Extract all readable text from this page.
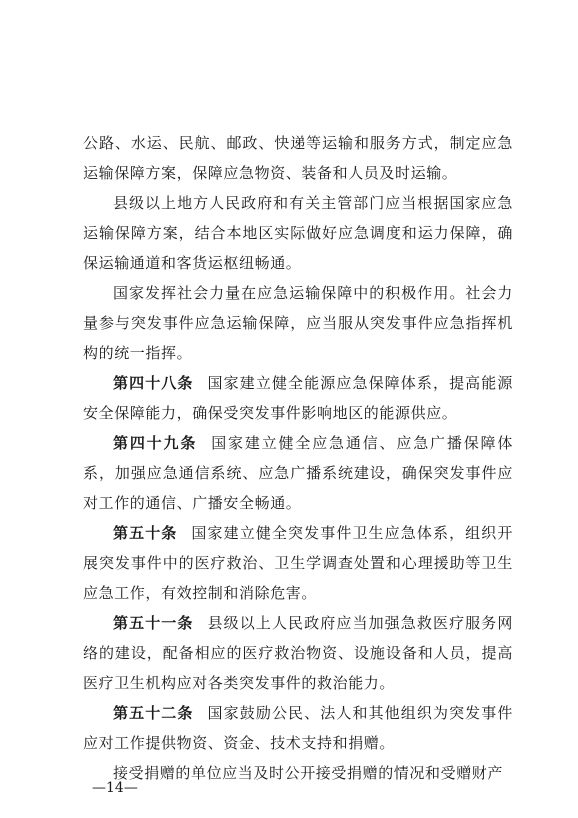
公路、水运、民航、邮政、快递等运输和服务方式，制定应急运输保障方案，保障应急物资、装备和人员及时运输。

县级以上地方人民政府和有关主管部门应当根据国家应急运输保障方案，结合本地区实际做好应急调度和运力保障，确保运输通道和客货运枢纽畅通。

国家发挥社会力量在应急运输保障中的积极作用。社会力量参与突发事件应急运输保障，应当服从突发事件应急指挥机构的统一指挥。

第四十八条 国家建立健全能源应急保障体系，提高能源安全保障能力，确保受突发事件影响地区的能源供应。

第四十九条 国家建立健全应急通信、应急广播保障体系，加强应急通信系统、应急广播系统建设，确保突发事件应对工作的通信、广播安全畅通。

第五十条 国家建立健全突发事件卫生应急体系，组织开展突发事件中的医疗救治、卫生学调查处置和心理援助等卫生应急工作，有效控制和消除危害。

第五十一条 县级以上人民政府应当加强急救医疗服务网络的建设，配备相应的医疗救治物资、设施设备和人员，提高医疗卫生机构应对各类突发事件的救治能力。

第五十二条 国家鼓励公民、法人和其他组织为突发事件应对工作提供物资、资金、技术支持和捐赠。

接受捐赠的单位应当及时公开接受捐赠的情况和受赠财产

—14—
